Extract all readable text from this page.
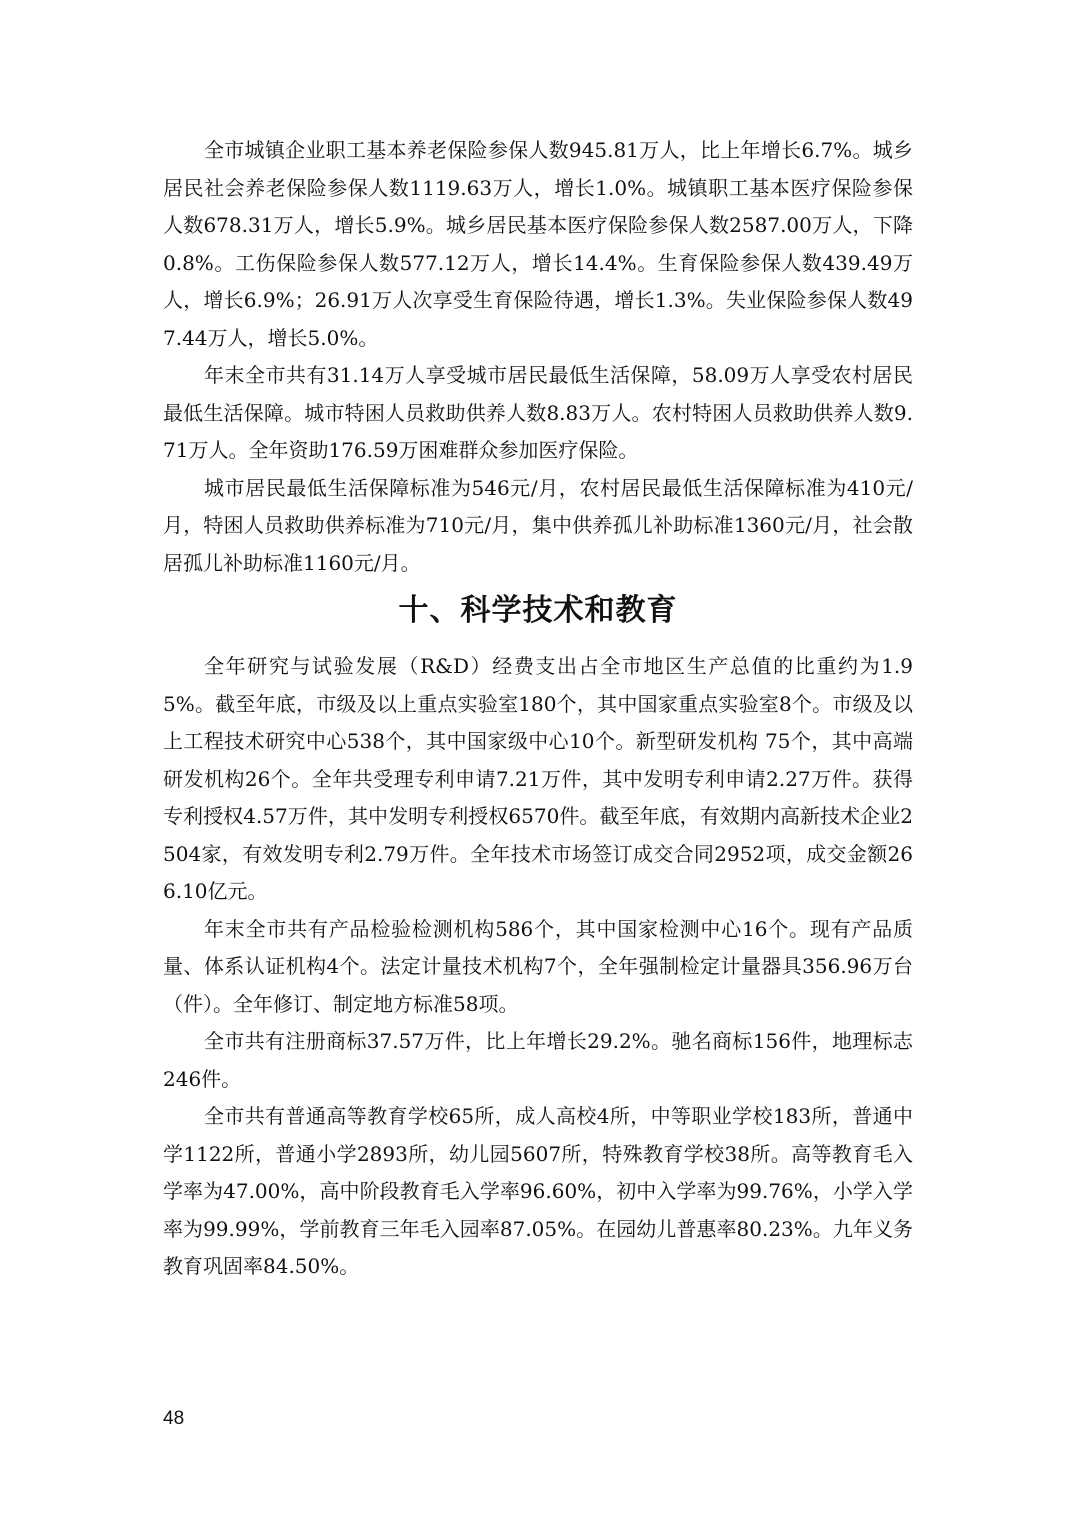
全市城镇企业职工基本养老保险参保人数945.81万人，比上年增长6.7%。城乡居民社会养老保险参保人数1119.63万人，增长1.0%。城镇职工基本医疗保险参保人数678.31万人，增长5.9%。城乡居民基本医疗保险参保人数2587.00万人，下降0.8%。工伤保险参保人数577.12万人，增长14.4%。生育保险参保人数439.49万人，增长6.9%；26.91万人次享受生育保险待遇，增长1.3%。失业保险参保人数497.44万人，增长5.0%。

年末全市共有31.14万人享受城市居民最低生活保障，58.09万人享受农村居民最低生活保障。城市特困人员救助供养人数8.83万人。农村特困人员救助供养人数9.71万人。全年资助176.59万困难群众参加医疗保险。

城市居民最低生活保障标准为546元/月，农村居民最低生活保障标准为410元/月，特困人员救助供养标准为710元/月，集中供养孤儿补助标准1360元/月，社会散居孤儿补助标准1160元/月。

十、科学技术和教育

全年研究与试验发展（R&D）经费支出占全市地区生产总值的比重约为1.95%。截至年底，市级及以上重点实验室180个，其中国家重点实验室8个。市级及以上工程技术研究中心538个，其中国家级中心10个。新型研发机构 75个，其中高端研发机构26个。全年共受理专利申请7.21万件，其中发明专利申请2.27万件。获得专利授权4.57万件，其中发明专利授权6570件。截至年底，有效期内高新技术企业2504家，有效发明专利2.79万件。全年技术市场签订成交合同2952项，成交金额266.10亿元。

年末全市共有产品检验检测机构586个，其中国家检测中心16个。现有产品质量、体系认证机构4个。法定计量技术机构7个，全年强制检定计量器具356.96万台（件）。全年修订、制定地方标准58项。

全市共有注册商标37.57万件，比上年增长29.2%。驰名商标156件，地理标志246件。

全市共有普通高等教育学校65所，成人高校4所，中等职业学校183所，普通中学1122所，普通小学2893所，幼儿园5607所，特殊教育学校38所。高等教育毛入学率为47.00%，高中阶段教育毛入学率96.60%，初中入学率为99.76%，小学入学率为99.99%，学前教育三年毛入园率87.05%。在园幼儿普惠率80.23%。九年义务教育巩固率84.50%。

48
